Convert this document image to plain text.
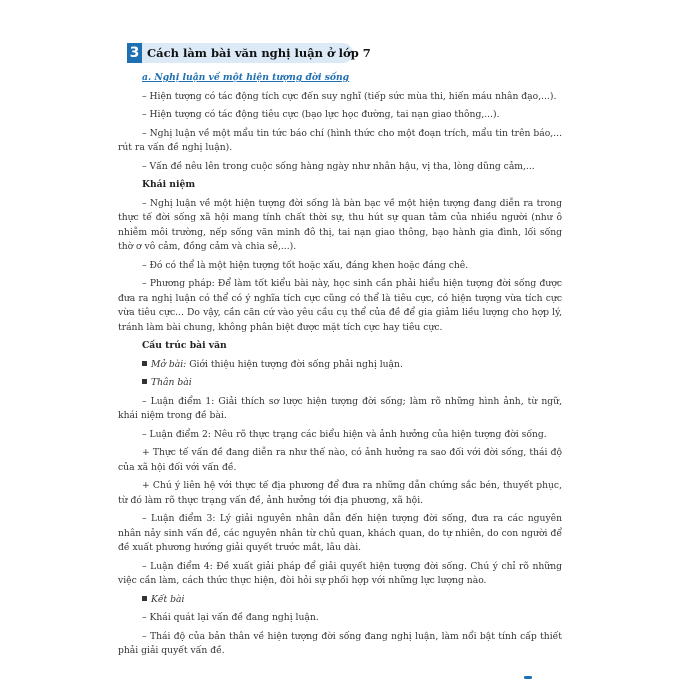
3 Cách làm bài văn nghị luận ở lớp 7

a. Nghị luận về một hiện tượng đời sống

– Hiện tượng có tác động tích cực đến suy nghĩ (tiếp sức mùa thi, hiến máu nhân đạo,...).

– Hiện tượng có tác động tiêu cực (bạo lực học đường, tai nạn giao thông,...).

– Nghị luận về một mẩu tin tức báo chí (hình thức cho một đoạn trích, mẩu tin trên báo,... rút ra vấn đề nghị luận).

– Vấn đề nêu lên trong cuộc sống hàng ngày như nhân hậu, vị tha, lòng dũng cảm,...

Khái niệm

– Nghị luận về một hiện tượng đời sống là bàn bạc về một hiện tượng đang diễn ra trong thực tế đời sống xã hội mang tính chất thời sự, thu hút sự quan tâm của nhiều người (như ô nhiễm môi trường, nếp sống văn minh đô thị, tai nạn giao thông, bạo hành gia đình, lối sống thờ ơ vô cảm, đồng cảm và chia sẻ,...).

– Đó có thể là một hiện tượng tốt hoặc xấu, đáng khen hoặc đáng chê.

– Phương pháp: Để làm tốt kiểu bài này, học sinh cần phải hiểu hiện tượng đời sống được đưa ra nghị luận có thể có ý nghĩa tích cực cũng có thể là tiêu cực, có hiện tượng vừa tích cực vừa tiêu cực... Do vậy, cần căn cứ vào yêu cầu cụ thể của đề để gia giảm liều lượng cho hợp lý, tránh làm bài chung, không phân biệt được mặt tích cực hay tiêu cực.

Cấu trúc bài văn

Mở bài: Giới thiệu hiện tượng đời sống phải nghị luận.

Thân bài

– Luận điểm 1: Giải thích sơ lược hiện tượng đời sống; làm rõ những hình ảnh, từ ngữ, khái niệm trong đề bài.

– Luận điểm 2: Nêu rõ thực trạng các biểu hiện và ảnh hưởng của hiện tượng đời sống.

+ Thực tế vấn đề đang diễn ra như thế nào, có ảnh hưởng ra sao đối với đời sống, thái độ của xã hội đối với vấn đề.

+ Chú ý liên hệ với thực tế địa phương để đưa ra những dẫn chứng sắc bén, thuyết phục, từ đó làm rõ thực trạng vấn đề, ảnh hưởng tới địa phương, xã hội.

– Luận điểm 3: Lý giải nguyên nhân dẫn đến hiện tượng đời sống, đưa ra các nguyên nhân nảy sinh vấn đề, các nguyên nhân từ chủ quan, khách quan, do tự nhiên, do con người để đề xuất phương hướng giải quyết trước mắt, lâu dài.

– Luận điểm 4: Đề xuất giải pháp để giải quyết hiện tượng đời sống. Chú ý chỉ rõ những việc cần làm, cách thức thực hiện, đòi hỏi sự phối hợp với những lực lượng nào.

Kết bài

– Khái quát lại vấn đề đang nghị luận.

– Thái độ của bản thân về hiện tượng đời sống đang nghị luận, làm nổi bật tính cấp thiết phải giải quyết vấn đề.
